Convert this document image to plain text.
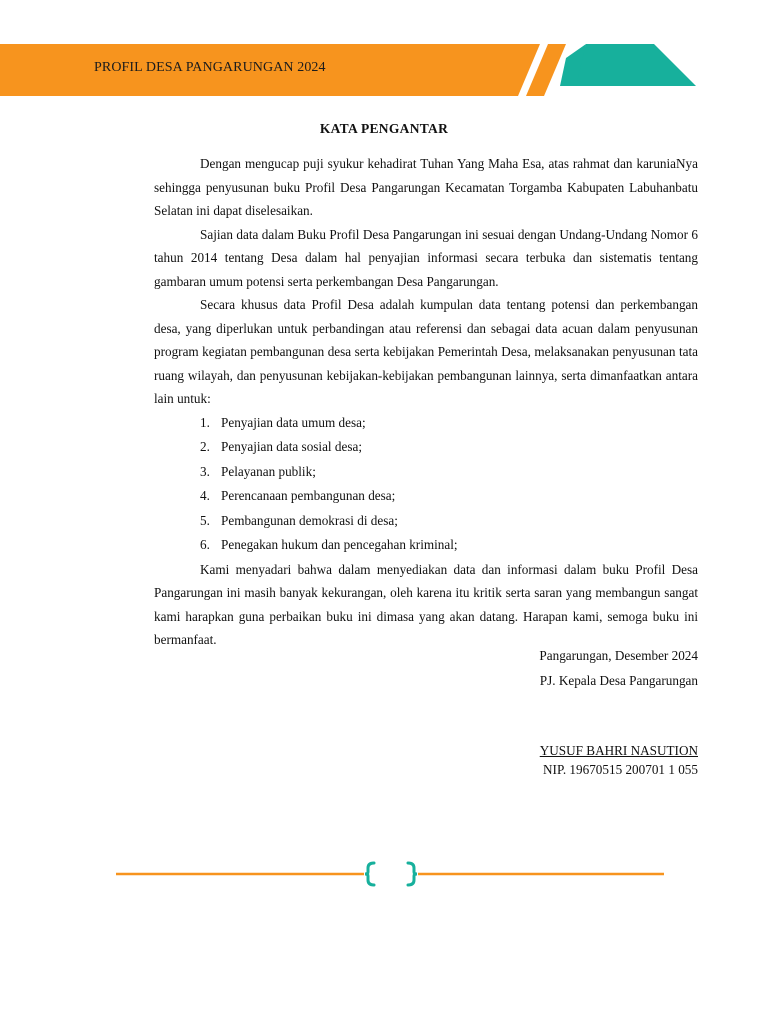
PROFIL DESA PANGARUNGAN 2024
KATA PENGANTAR

Dengan mengucap puji syukur kehadirat Tuhan Yang Maha Esa, atas rahmat dan karuniaNya sehingga penyusunan buku Profil Desa Pangarungan Kecamatan Torgamba Kabupaten Labuhanbatu Selatan ini dapat diselesaikan.

Sajian data dalam Buku Profil Desa Pangarungan ini sesuai dengan Undang-Undang Nomor 6 tahun 2014 tentang Desa dalam hal penyajian informasi secara terbuka dan sistematis tentang gambaran umum potensi serta perkembangan Desa Pangarungan.

Secara khusus data Profil Desa adalah kumpulan data tentang potensi dan perkembangan desa, yang diperlukan untuk perbandingan atau referensi dan sebagai data acuan dalam penyusunan program kegiatan pembangunan desa serta kebijakan Pemerintah Desa, melaksanakan penyusunan tata ruang wilayah, dan penyusunan kebijakan-kebijakan pembangunan lainnya, serta dimanfaatkan antara lain untuk:

1. Penyajian data umum desa;
2. Penyajian data sosial desa;
3. Pelayanan publik;
4. Perencanaan pembangunan desa;
5. Pembangunan demokrasi di desa;
6. Penegakan hukum dan pencegahan kriminal;

Kami menyadari bahwa dalam menyediakan data dan informasi dalam buku Profil Desa Pangarungan ini masih banyak kekurangan, oleh karena itu kritik serta saran yang membangun sangat kami harapkan guna perbaikan buku ini dimasa yang akan datang. Harapan kami, semoga buku ini bermanfaat.

Pangarungan, Desember 2024
PJ. Kepala Desa Pangarungan
YUSUF BAHRI NASUTION
NIP. 19670515 200701 1 055
